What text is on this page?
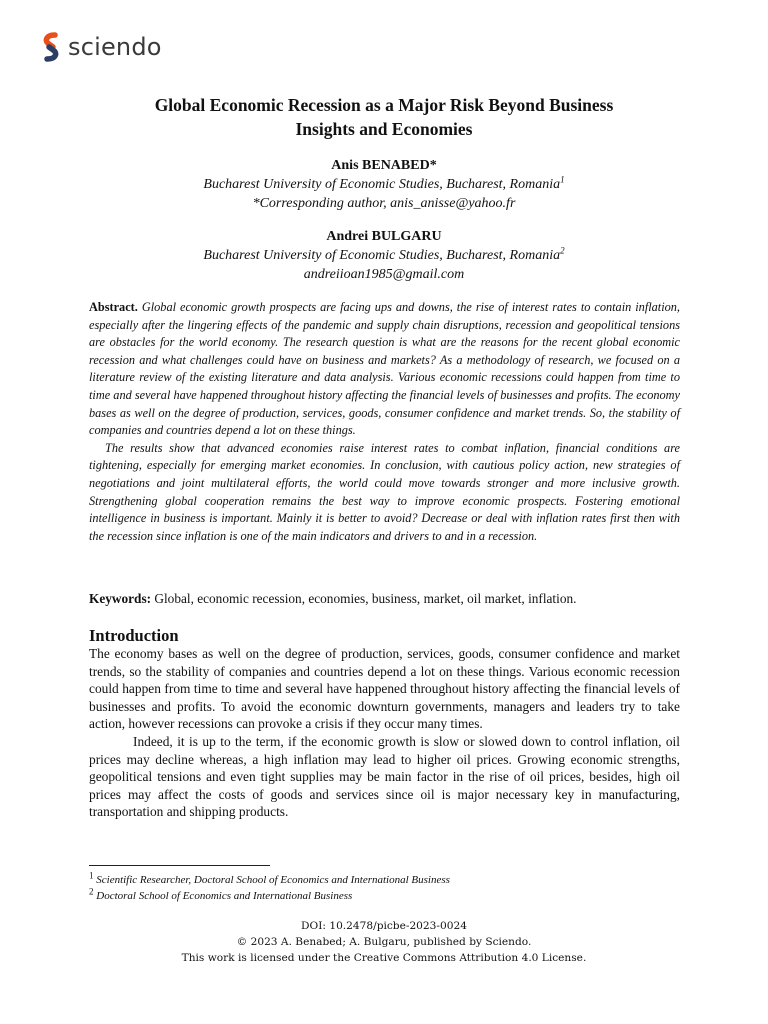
sciendo
Global Economic Recession as a Major Risk Beyond Business
Insights and Economies
Anis BENABED*
Bucharest University of Economic Studies, Bucharest, Romania$^1$
*Corresponding author, anis_anisse@yahoo.fr
Andrei BULGARU
Bucharest University of Economic Studies, Bucharest, Romania$^2$
andreiioan1985@gmail.com

Abstract. Global economic growth prospects are facing ups and downs, the rise of interest rates to contain inflation, especially after the lingering effects of the pandemic and supply chain disruptions, recession and geopolitical tensions are obstacles for the world economy. The research question is what are the reasons for the recent global economic recession and what challenges could have on business and markets? As a methodology of research, we focused on a literature review of the existing literature and data analysis. Various economic recessions could happen from time to time and several have happened throughout history affecting the financial levels of businesses and profits. The economy bases as well on the degree of production, services, goods, consumer confidence and market trends. So, the stability of companies and countries depend a lot on these things.

The results show that advanced economies raise interest rates to combat inflation, financial conditions are tightening, especially for emerging market economies. In conclusion, with cautious policy action, new strategies of negotiations and joint multilateral efforts, the world could move towards stronger and more inclusive growth. Strengthening global cooperation remains the best way to improve economic prospects. Fostering emotional intelligence in business is important. Mainly it is better to avoid? Decrease or deal with inflation rates first then with the recession since inflation is one of the main indicators and drivers to and in a recession.

Keywords: Global, economic recession, economies, business, market, oil market, inflation.
Introduction

The economy bases as well on the degree of production, services, goods, consumer confidence and market trends, so the stability of companies and countries depend a lot on these things. Various economic recession could happen from time to time and several have happened throughout history affecting the financial levels of businesses and profits. To avoid the economic downturn governments, managers and leaders try to take action, however recessions can provoke a crisis if they occur many times.

Indeed, it is up to the term, if the economic growth is slow or slowed down to control inflation, oil prices may decline whereas, a high inflation may lead to higher oil prices. Growing economic strengths, geopolitical tensions and even tight supplies may be main factor in the rise of oil prices, besides, high oil prices may affect the costs of goods and services since oil is major necessary key in manufacturing, transportation and shipping products.

$^1$ Scientific Researcher, Doctoral School of Economics and International Business
$^2$ Doctoral School of Economics and International Business
DOI: 10.2478/picbe-2023-0024
© 2023 A. Benabed; A. Bulgaru, published by Sciendo.
This work is licensed under the Creative Commons Attribution 4.0 License.
